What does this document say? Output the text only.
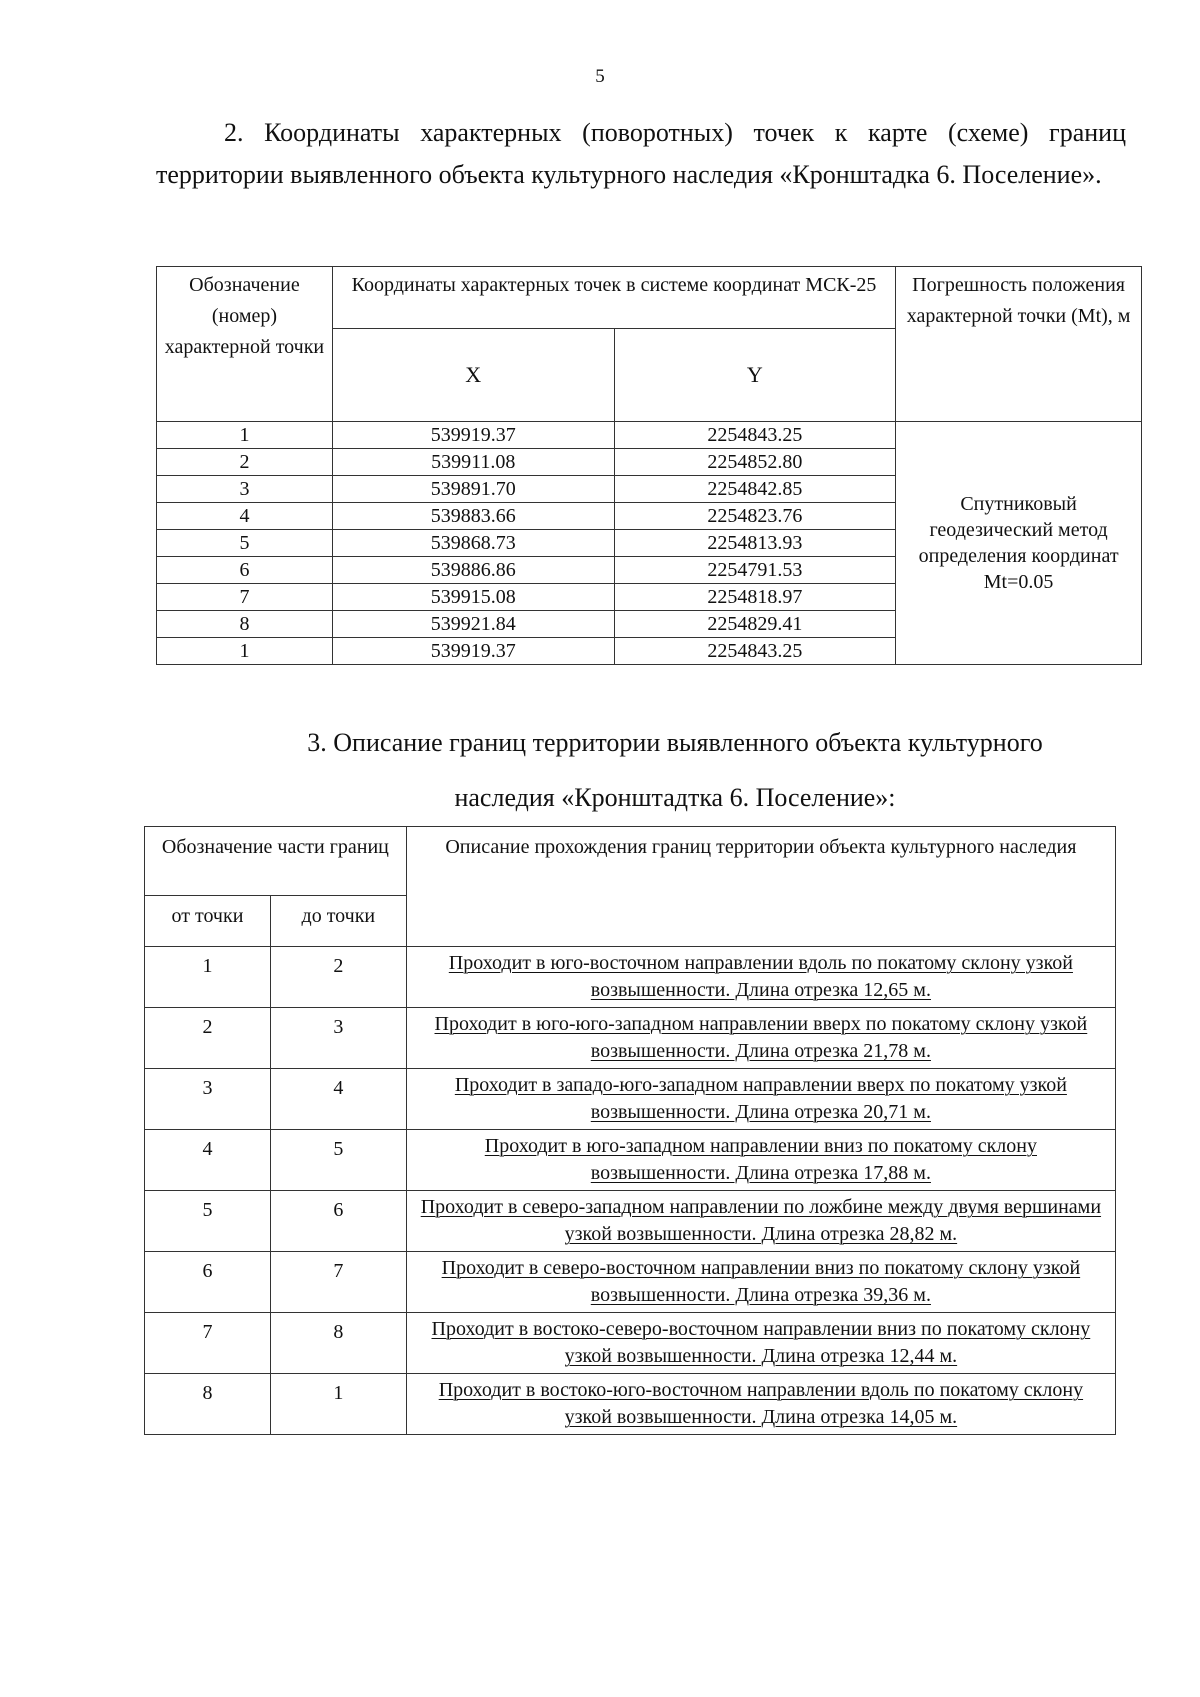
5

2. Координаты характерных (поворотных) точек к карте (схеме) границ территории выявленного объекта культурного наследия «Кронштадка 6. Поселение».

Обозначение (номер) характерной точки	Координаты характерных точек в системе координат МСК-25		Погрешность положения характерной точки (Mt), м
	X	Y	
1	539919.37	2254843.25	Спутниковый геодезический метод определения координат Mt=0.05
2	539911.08	2254852.80	
3	539891.70	2254842.85	
4	539883.66	2254823.76	
5	539868.73	2254813.93	
6	539886.86	2254791.53	
7	539915.08	2254818.97	
8	539921.84	2254829.41	
1	539919.37	2254843.25	

3. Описание границ территории выявленного объекта культурного

наследия «Кронштадтка 6. Поселение»:

Обозначение части границ		Описание прохождения границ территории объекта культурного наследия
от точки	до точки	
1	2	Проходит в юго-восточном направлении вдоль по покатому склону узкой возвышенности. Длина отрезка 12,65 м.
2	3	Проходит в юго-юго-западном направлении вверх по покатому склону узкой возвышенности. Длина отрезка 21,78 м.
3	4	Проходит в западо-юго-западном направлении вверх по покатому узкой возвышенности. Длина отрезка 20,71 м.
4	5	Проходит в юго-западном направлении вниз по покатому склону возвышенности. Длина отрезка 17,88 м.
5	6	Проходит в северо-западном направлении по ложбине между двумя вершинами узкой возвышенности. Длина отрезка 28,82 м.
6	7	Проходит в северо-восточном направлении вниз по покатому склону узкой возвышенности. Длина отрезка 39,36 м.
7	8	Проходит в востоко-северо-восточном направлении вниз по покатому склону узкой возвышенности. Длина отрезка 12,44 м.
8	1	Проходит в востоко-юго-восточном направлении вдоль по покатому склону узкой возвышенности. Длина отрезка 14,05 м.
